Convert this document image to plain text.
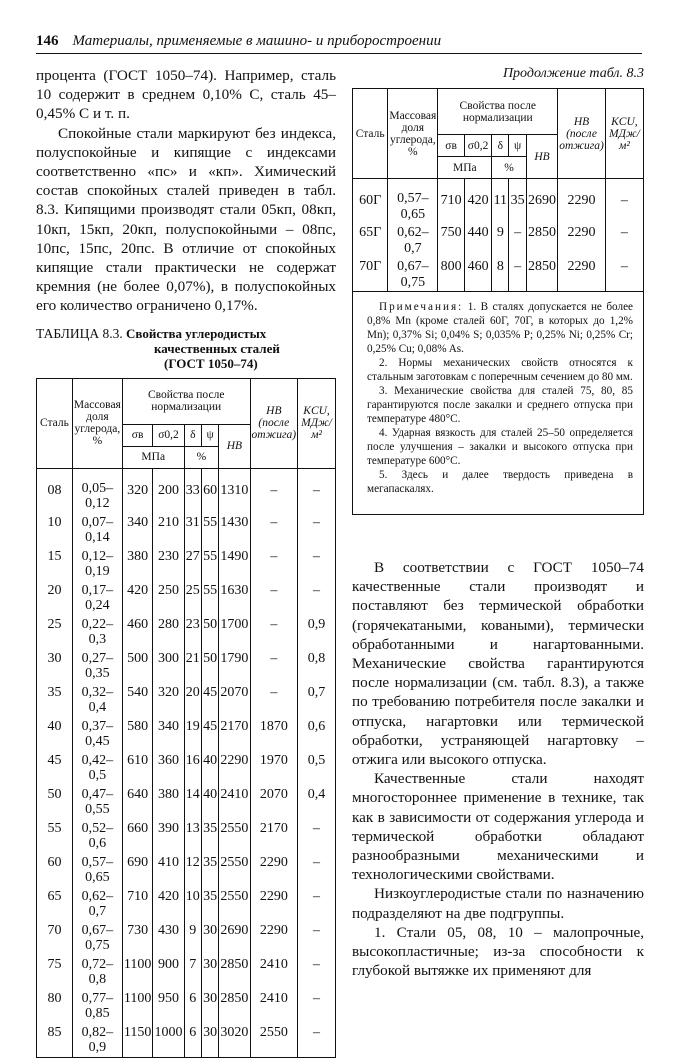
146 Материалы, применяемые в машино- и приборостроении

процента (ГОСТ 1050–74). Например, сталь 10 содержит в среднем 0,10% С, сталь 45–0,45% С и т. п.

Спокойные стали маркируют без индекса, полуспокойные и кипящие с индексами соответственно «пс» и «кп». Химический состав спокойных сталей приведен в табл. 8.3. Кипящими производят стали 05кп, 08кп, 10кп, 15кп, 20кп, полуспокойными – 08пс, 10пс, 15пс, 20пс. В отличие от спокойных кипящие стали практически не содержат кремния (не более 0,07%), в полуспокойных его количество ограничено 0,17%.

ТАБЛИЦА 8.3. Свойства углеродистых
качественных сталей
(ГОСТ 1050–74)
Сталь	Массовая доля углерода, %	Свойства после нормализации					HB (после отжига)	KCU, МДж/м²
		σв	σ0,2	δ	ψ	HB		
		МПа		%				
08	0,05–
0,12	320	200	33	60	1310	–	–
10	0,07–
0,14	340	210	31	55	1430	–	–
15	0,12–
0,19	380	230	27	55	1490	–	–
20	0,17–
0,24	420	250	25	55	1630	–	–
25	0,22–
0,3	460	280	23	50	1700	–	0,9
30	0,27–
0,35	500	300	21	50	1790	–	0,8
35	0,32–
0,4	540	320	20	45	2070	–	0,7
40	0,37–
0,45	580	340	19	45	2170	1870	0,6
45	0,42–
0,5	610	360	16	40	2290	1970	0,5
50	0,47–
0,55	640	380	14	40	2410	2070	0,4
55	0,52–
0,6	660	390	13	35	2550	2170	–
60	0,57–
0,65	690	410	12	35	2550	2290	–
65	0,62–
0,7	710	420	10	35	2550	2290	–
70	0,67–
0,75	730	430	9	30	2690	2290	–
75	0,72–
0,8	1100	900	7	30	2850	2410	–
80	0,77–
0,85	1100	950	6	30	2850	2410	–
85	0,82–
0,9	1150	1000	6	30	3020	2550	–
Продолжение табл. 8.3
Сталь	Массовая доля углерода, %	Свойства после нормализации					HB (после отжига)	KCU, МДж/м²
		σв	σ0,2	δ	ψ	HB		
		МПа		%				
60Г	0,57–
0,65	710	420	11	35	2690	2290	–
65Г	0,62–
0,7	750	440	9	–	2850	2290	–
70Г	0,67–
0,75	800	460	8	–	2850	2290	–

Примечания: 1. В сталях допускается не более 0,8% Mn (кроме сталей 60Г, 70Г, в которых до 1,2% Mn); 0,37% Si; 0,04% S; 0,035% P; 0,25% Ni; 0,25% Cr; 0,25% Cu; 0,08% As.

2. Нормы механических свойств относятся к стальным заготовкам с поперечным сечением до 80 мм.

3. Механические свойства для сталей 75, 80, 85 гарантируются после закалки и среднего отпуска при температуре 480°С.

4. Ударная вязкость для сталей 25–50 определяется после улучшения – закалки и высокого отпуска при температуре 600°С.

5. Здесь и далее твердость приведена в мегапаскалях.

В соответствии с ГОСТ 1050–74 качественные стали производят и поставляют без термической обработки (горячекатаными, коваными), термически обработанными и нагартованными. Механические свойства гарантируются после нормализации (см. табл. 8.3), а также по требованию потребителя после закалки и отпуска, нагартовки или термической обработки, устраняющей нагартовку – отжига или высокого отпуска.

Качественные стали находят многостороннее применение в технике, так как в зависимости от содержания углерода и термической обработки обладают разнообразными механическими и технологическими свойствами.

Низкоуглеродистые стали по назначению подразделяют на две подгруппы.

1. Стали 05, 08, 10 – малопрочные, высокопластичные; из-за способности к глубокой вытяжке их применяют для
